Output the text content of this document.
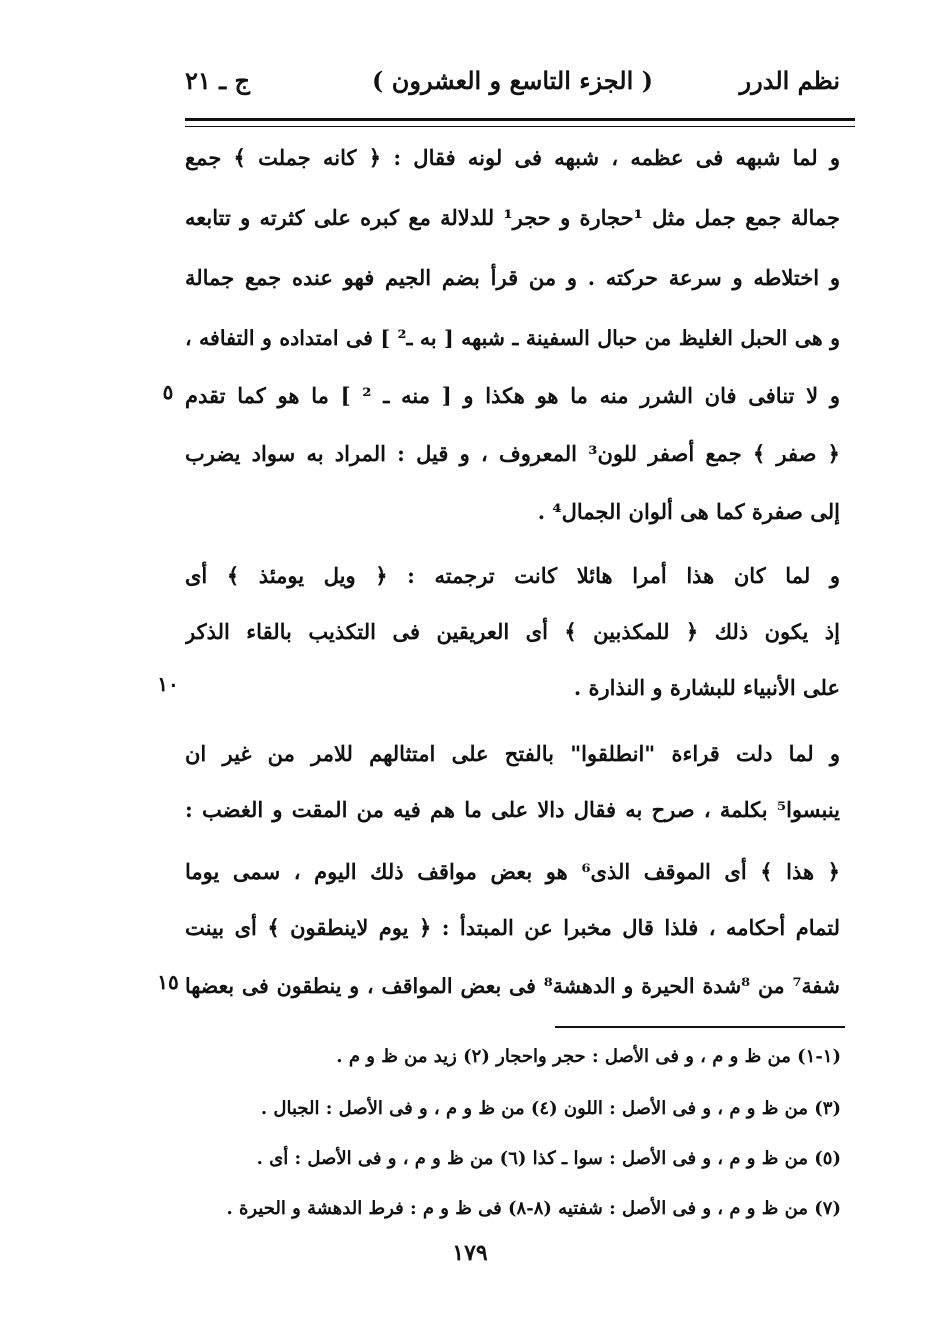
نظم الدرر
( الجزء التاسع و العشرون )
ج ـ ٢١
و لما شبهه فى عظمه ، شبهه فى لونه فقال : ﴿ كانه جملت ﴾ جمع
جمالة جمع جمل مثل ¹حجارة و حجر¹ للدلالة مع كبره على كثرته و تتابعه
و اختلاطه و سرعة حركته . و من قرأ بضم الجيم فهو عنده جمع جمالة
و هى الحبل الغليظ من حبال السفينة ـ شبهه [ به ـ² ] فى امتداده و التفافه ،
و لا تنافى فان الشرر منه ما هو هكذا و [ منه ـ ² ] ما هو كما تقدم
﴿ صفر ﴾ جمع أصفر للون³ المعروف ، و قيل : المراد به سواد يضرب
إلى صفرة كما هى ألوان الجمال⁴ .
و لما كان هذا أمرا هائلا كانت ترجمته : ﴿ ويل يومئذ ﴾ أى
إذ يكون ذلك ﴿ للمكذبين ﴾ أى العريقين فى التكذيب بالقاء الذكر
على الأنبياء للبشارة و النذارة .
و لما دلت قراءة "انطلقوا" بالفتح على امتثالهم للامر من غير ان
ينبسوا⁵ بكلمة ، صرح به فقال دالا على ما هم فيه من المقت و الغضب :
﴿ هذا ﴾ أى الموقف الذى⁶ هو بعض مواقف ذلك اليوم ، سمى يوما
لتمام أحكامه ، فلذا قال مخبرا عن المبتدأ : ﴿ يوم لاينطقون ﴾ أى بينت
شفة⁷ من ⁸شدة الحيرة و الدهشة⁸ فى بعض المواقف ، و ينطقون فى بعضها
٥
١٠
١٥
(١-١) من ظ و م ، و فى الأصل : حجر واحجار (٢) زيد من ظ و م .
(٣) من ظ و م ، و فى الأصل : اللون (٤) من ظ و م ، و فى الأصل : الجبال .
(٥) من ظ و م ، و فى الأصل : سوا ـ كذا (٦) من ظ و م ، و فى الأصل : أى .
(٧) من ظ و م ، و فى الأصل : شفتيه (٨-٨) فى ظ و م : فرط الدهشة و الحيرة .
١٧٩
